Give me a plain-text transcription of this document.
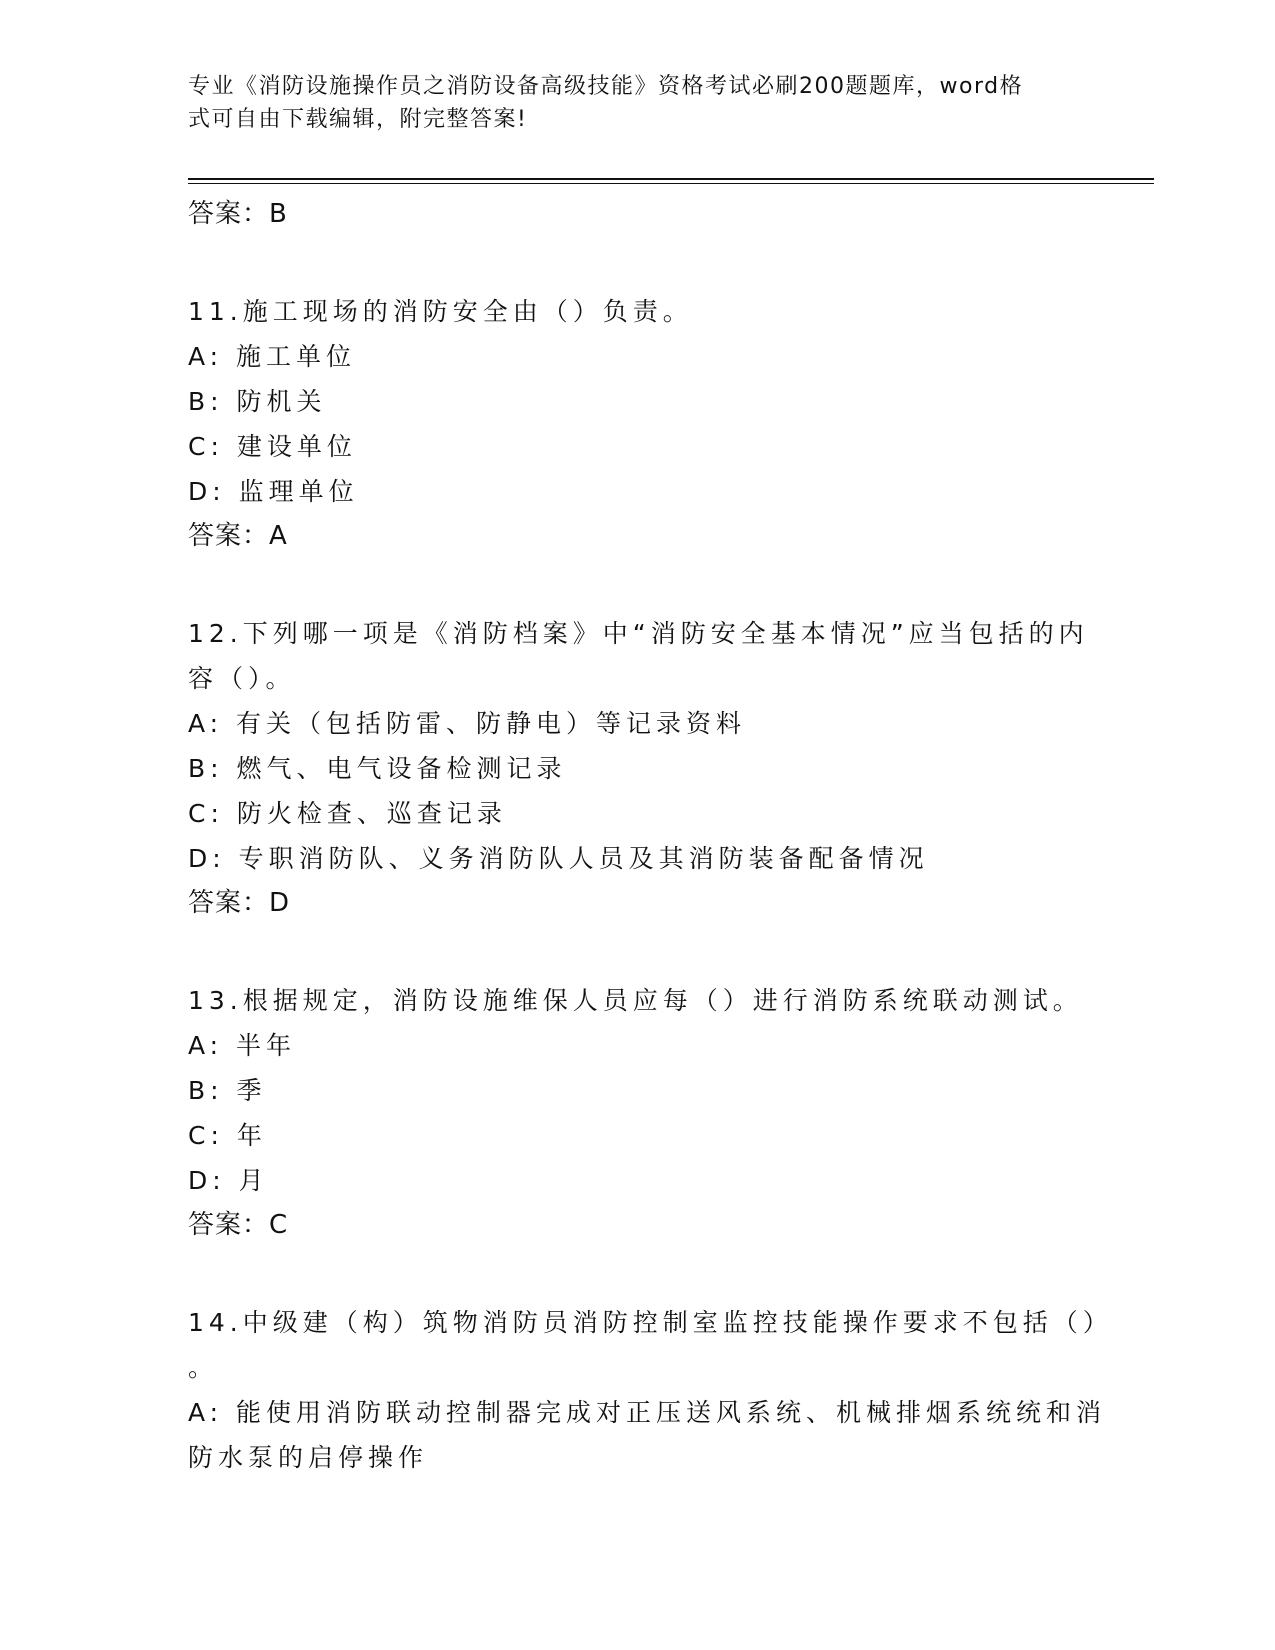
专业《消防设施操作员之消防设备高级技能》资格考试必刷200题题库，word格
式可自由下载编辑，附完整答案!
答案：B
11.施工现场的消防安全由（）负责。
A: 施工单位
B: 防机关
C: 建设单位
D: 监理单位
答案：A
12.下列哪一项是《消防档案》中“消防安全基本情况”应当包括的内
容（）。
A: 有关（包括防雷、防静电）等记录资料
B: 燃气、电气设备检测记录
C: 防火检查、巡查记录
D: 专职消防队、义务消防队人员及其消防装备配备情况
答案：D
13.根据规定，消防设施维保人员应每（）进行消防系统联动测试。
A: 半年
B: 季
C: 年
D: 月
答案：C
14.中级建（构）筑物消防员消防控制室监控技能操作要求不包括（）
。
A: 能使用消防联动控制器完成对正压送风系统、机械排烟系统统和消
防水泵的启停操作
